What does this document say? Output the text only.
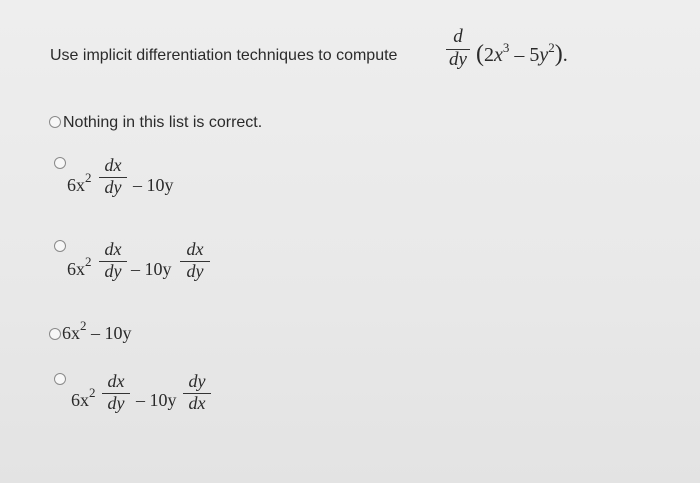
Use implicit differentiation techniques to compute
d
dy $(2x^3 - 5y^2)$.
Nothing in this list is correct.
$6x^2$
dx
dy – 10y
$6x^2$
dx
dy – 10y
dx
dy
$6x^2 - 10y$
$6x^2$
dx
dy – 10y
dy
dx
